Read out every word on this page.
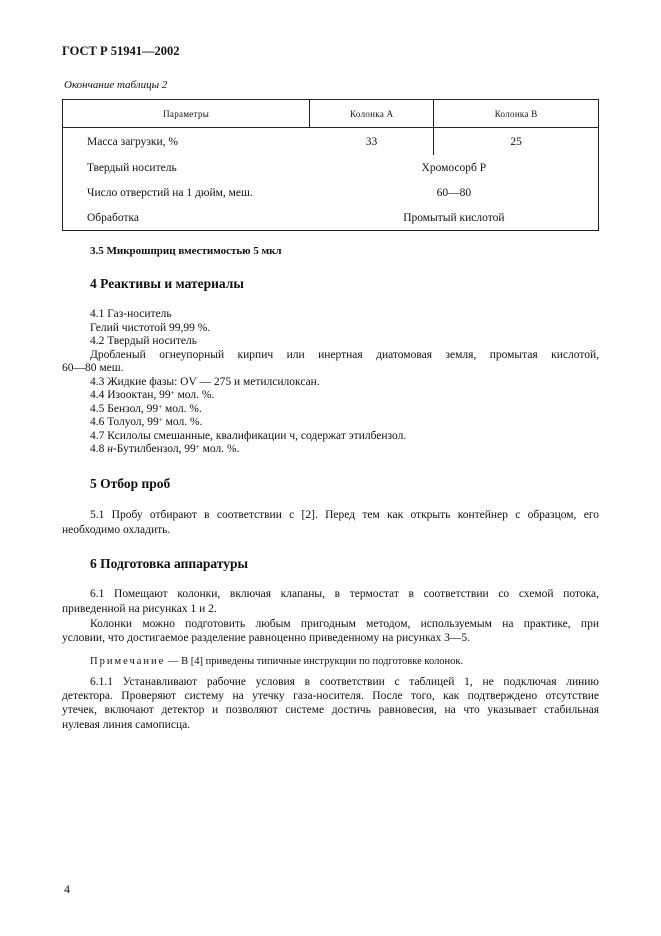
ГОСТ Р 51941—2002
Окончание таблицы 2
Параметры	Колонка А	Колонка В
Масса загрузки, %	33	25
Твердый носитель	Хромосорб Р	
Число отверстий на 1 дюйм, меш.	60—80	
Обработка	Промытый кислотой	
3.5 Микрошприц вместимостью 5 мкл
4 Реактивы и материалы
4.1 Газ-носитель
Гелий чистотой 99,99 %.
4.2 Твердый носитель
Дробленый огнеупорный кирпич или инертная диатомовая земля, промытая кислотой,
60—80 меш.
4.3 Жидкие фазы: OV — 275 и метилсилоксан.
4.4 Изооктан, 99+ мол. %.
4.5 Бензол, 99+ мол. %.
4.6 Толуол, 99+ мол. %.
4.7 Ксилолы смешанные, квалификации ч, содержат этилбензол.
4.8 н-Бутилбензол, 99+ мол. %.
5 Отбор проб
5.1 Пробу отбирают в соответствии с [2]. Перед тем как открыть контейнер с образцом, его
необходимо охладить.
6 Подготовка аппаратуры
6.1 Помещают колонки, включая клапаны, в термостат в соответствии со схемой потока,
приведенной на рисунках 1 и 2.
Колонки можно подготовить любым пригодным методом, используемым на практике, при
условии, что достигаемое разделение равноценно приведенному на рисунках 3—5.
Примечание — В [4] приведены типичные инструкции по подготовке колонок.
6.1.1 Устанавливают рабочие условия в соответствии с таблицей 1, не подключая линию
детектора. Проверяют систему на утечку газа-носителя. После того, как подтверждено отсутствие
утечек, включают детектор и позволяют системе достичь равновесия, на что указывает стабильная
нулевая линия самописца.
4
